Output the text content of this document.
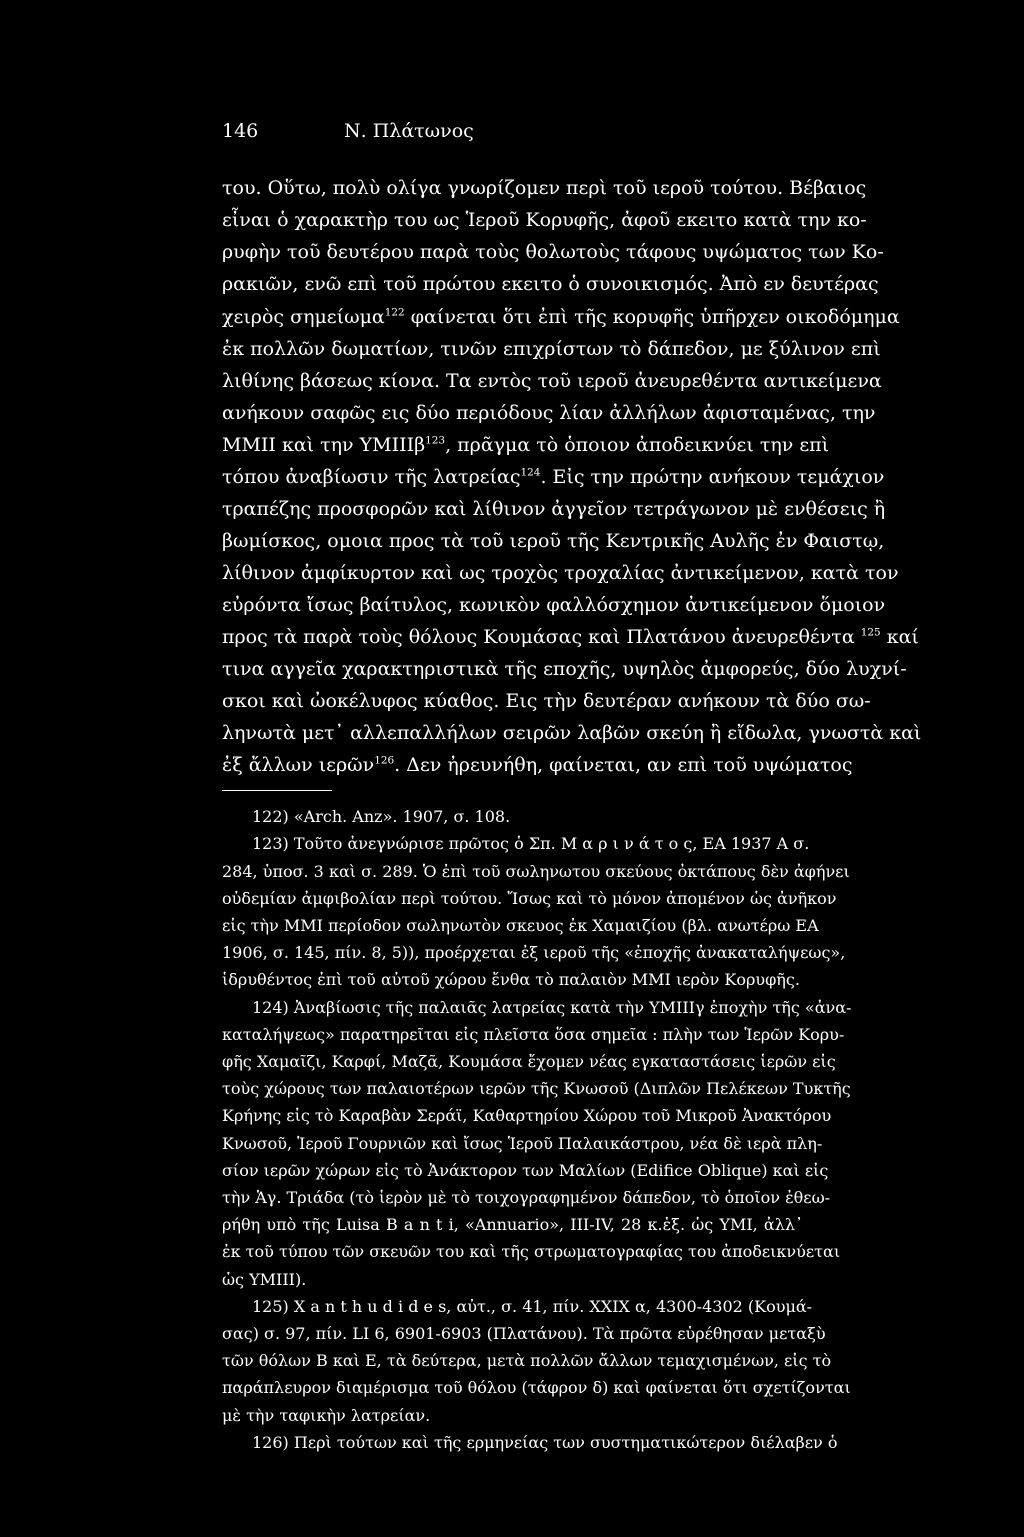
146	Ν. Πλάτωνος
του. Οὕτω, πολὺ ολίγα γνωρίζομεν περὶ τοῦ ιεροῦ τούτου. Βέβαιος
εἶναι ὁ χαρακτὴρ του ως Ἱεροῦ Κορυφῆς, ἀφοῦ εκειτο κατὰ την κο-
ρυφὴν τοῦ δευτέρου παρὰ τοὺς θολωτοὺς τάφους υψώματος των Κο-
ρακιῶν, ενῶ επὶ τοῦ πρώτου εκειτο ὁ συνοικισμός. Ἀπὸ εν δευτέρας
χειρὸς σημείωμα$^{122}$ φαίνεται ὅτι ἐπὶ τῆς κορυφῆς ὑπῆρχεν οικοδόμημα
ἐκ πολλῶν δωματίων, τινῶν επιχρίστων τὸ δάπεδον, με ξύλινον επὶ
λιθίνης βάσεως κίονα. Τα εντὸς τοῦ ιεροῦ ἀνευρεθέντα αντικείμενα
ανήκουν σαφῶς εις δύο περιόδους λίαν ἀλλήλων ἀφισταμένας, την
ΜΜΙΙ καὶ την ΥΜΙΙΙβ$^{123}$, πρᾶγμα τὸ ὁποιον ἀποδεικνύει την επὶ
τόπου ἀναβίωσιν τῆς λατρείας$^{124}$. Εἰς την πρώτην ανήκουν τεμάχιον
τραπέζης προσφορῶν καὶ λίθινον ἀγγεῖον τετράγωνον μὲ ενθέσεις ἢ
βωμίσκος, ομοια προς τὰ τοῦ ιεροῦ τῆς Κεντρικῆς Αυλῆς ἐν Φαιστῳ,
λίθινον ἀμφίκυρτον καὶ ως τροχὸς τροχαλίας ἀντικείμενον, κατὰ τον
εὐρόντα ἴσως βαίτυλος, κωνικὸν φαλλόσχημον ἀντικείμενον ὅμοιον
προς τὰ παρὰ τοὺς θόλους Κουμάσας καὶ Πλατάνου ἀνευρεθέντα $^{125}$ καί
τινα αγγεῖα χαρακτηριστικὰ τῆς εποχῆς, υψηλὸς ἀμφορεύς, δύο λυχνί-
σκοι καὶ ὠοκέλυφος κύαθος. Εις τὴν δευτέραν ανήκουν τὰ δύο σω-
ληνωτὰ μετ᾽ αλλεπαλλήλων σειρῶν λαβῶν σκεύη ἢ εἴδωλα, γνωστὰ καὶ
ἐξ ἄλλων ιερῶν$^{126}$. Δεν ἠρευνήθη, φαίνεται, αν επὶ τοῦ υψώματος
122) «Arch. Anz». 1907, σ. 108.
123) Τοῦτο ἀνεγνώρισε πρῶτος ὁ Σπ. Μ α ρ ι ν ά τ ο ς, ΕΑ 1937 Α σ.
284, ὑποσ. 3 καὶ σ. 289. Ὁ ἐπὶ τοῦ σωληνωτου σκεύους ὀκτάπους δὲν ἀφήνει
οὐδεμίαν ἀμφιβολίαν περὶ τούτου. Ἴσως καὶ τὸ μόνον ἀπομένον ὡς ἀνῆκον
εἰς τὴν ΜΜΙ περίοδον σωληνωτὸν σκευος ἐκ Χαμαιζίου (βλ. ανωτέρω ΕΑ
1906, σ. 145, πίν. 8, 5)), προέρχεται ἐξ ιεροῦ τῆς «ἐποχῆς ἀνακαταλήψεως»,
ἱδρυθέντος ἐπὶ τοῦ αὐτοῦ χώρου ἔνθα τὸ παλαιὸν ΜΜΙ ιερὸν Κορυφῆς.
124) Ἀναβίωσις τῆς παλαιᾶς λατρείας κατὰ τὴν ΥΜΙΙΙγ ἐποχὴν τῆς «ἀνα-
καταλήψεως» παρατηρεῖται εἰς πλεῖστα ὅσα σημεῖα : πλὴν των Ἱερῶν Κορυ-
φῆς Χαμαῖζι, Καρφί, Μαζᾶ, Κουμάσα ἔχομεν νέας εγκαταστάσεις ἱερῶν εἰς
τοὺς χώρους των παλαιοτέρων ιερῶν τῆς Κνωσοῦ (Διπλῶν Πελέκεων Τυκτῆς
Κρήνης εἰς τὸ Καραβὰν Σεράϊ, Καθαρτηρίου Χώρου τοῦ Μικροῦ Ἀνακτόρου
Κνωσοῦ, Ἱεροῦ Γουρνιῶν καὶ ἴσως Ἱεροῦ Παλαικάστρου, νέα δὲ ιερὰ πλη-
σίον ιερῶν χώρων εἰς τὸ Ἀνάκτορον των Μαλίων (Edifice Oblique) καὶ εἰς
τὴν Ἁγ. Τριάδα (τὸ ἱερὸν μὲ τὸ τοιχογραφημένον δάπεδον, τὸ ὁποῖον ἐθεω-
ρήθη υπὸ τῆς Luisa B a n t i, «Annuario», III-IV, 28 κ.ἑξ. ὡς ΥΜΙ, ἀλλ᾽
ἐκ τοῦ τύπου τῶν σκευῶν του καὶ τῆς στρωματογραφίας του ἀποδεικνύεται
ὡς ΥΜΙΙΙ).
125) X a n t h u d i d e s, αὐτ., σ. 41, πίν. XXIX α, 4300-4302 (Κουμά-
σας) σ. 97, πίν. LI 6, 6901-6903 (Πλατάνου). Τὰ πρῶτα εὑρέθησαν μεταξὺ
τῶν θόλων Β καὶ Ε, τὰ δεύτερα, μετὰ πολλῶν ἄλλων τεμαχισμένων, εἰς τὸ
παράπλευρον διαμέρισμα τοῦ θόλου (τάφρον δ) καὶ φαίνεται ὅτι σχετίζονται
μὲ τὴν ταφικὴν λατρείαν.
126) Περὶ τούτων καὶ τῆς ερμηνείας των συστηματικώτερον διέλαβεν ὁ
